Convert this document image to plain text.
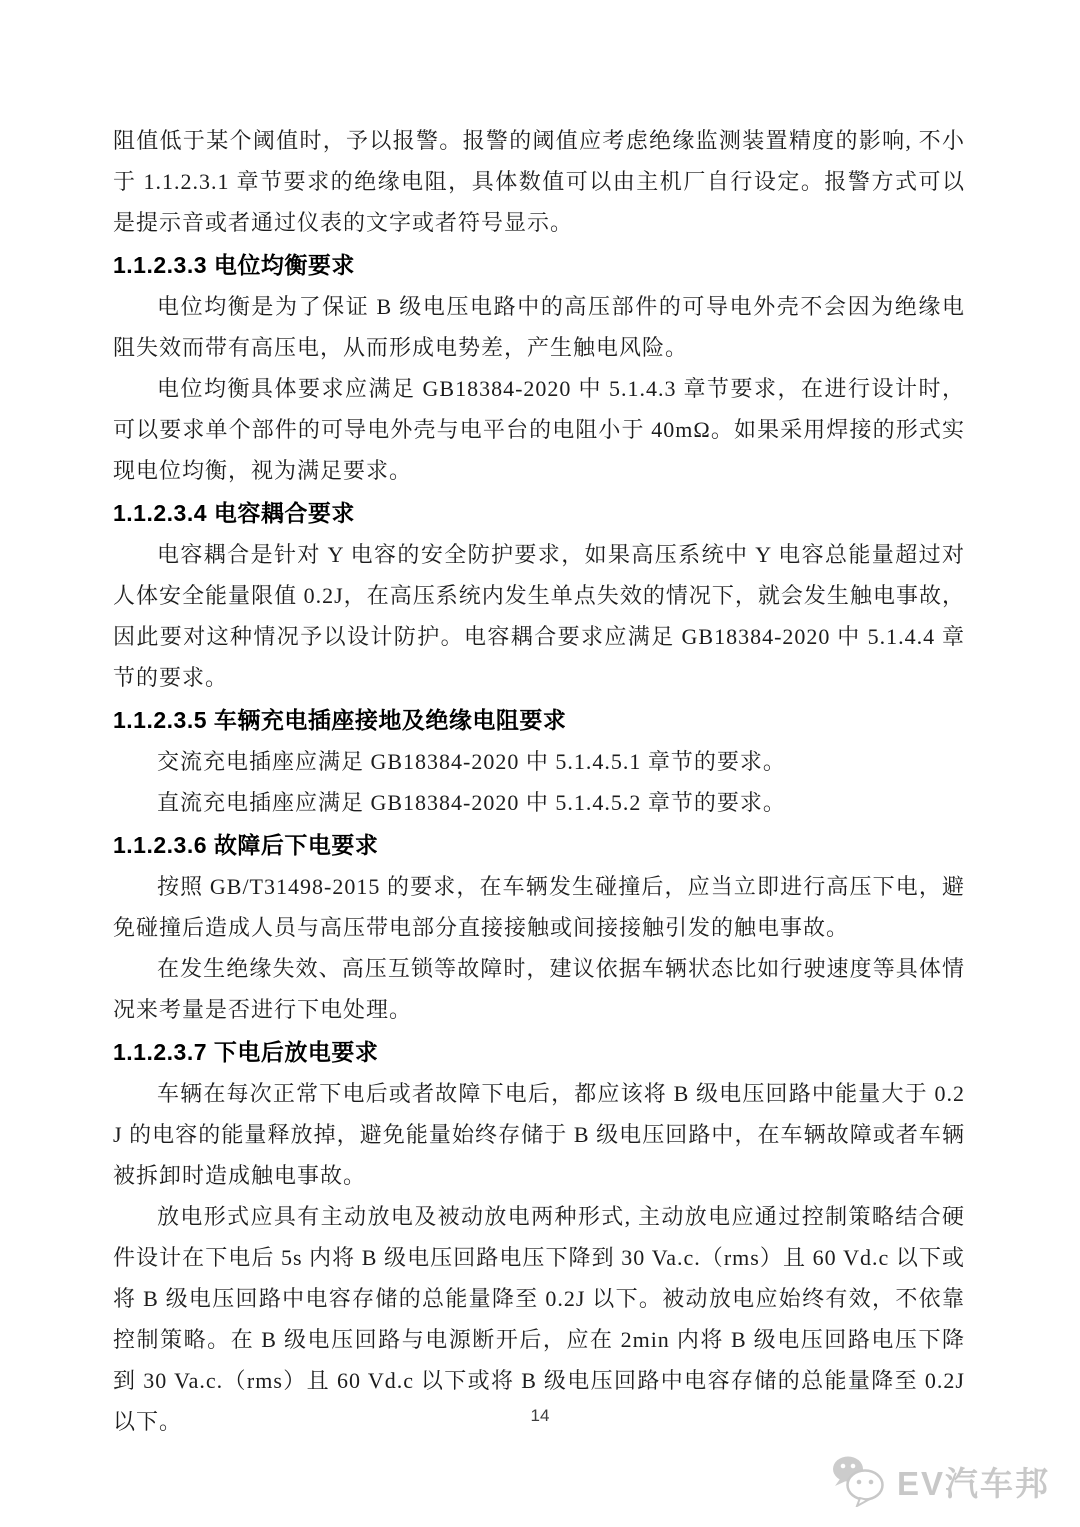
阻值低于某个阈值时，予以报警。报警的阈值应考虑绝缘监测装置精度的影响, 不小于 1.1.2.3.1 章节要求的绝缘电阻，具体数值可以由主机厂自行设定。报警方式可以是提示音或者通过仪表的文字或者符号显示。

1.1.2.3.3 电位均衡要求

电位均衡是为了保证 B 级电压电路中的高压部件的可导电外壳不会因为绝缘电阻失效而带有高压电，从而形成电势差，产生触电风险。

电位均衡具体要求应满足 GB18384-2020 中 5.1.4.3 章节要求，在进行设计时，可以要求单个部件的可导电外壳与电平台的电阻小于 40mΩ。如果采用焊接的形式实现电位均衡，视为满足要求。

1.1.2.3.4 电容耦合要求

电容耦合是针对 Y 电容的安全防护要求，如果高压系统中 Y 电容总能量超过对人体安全能量限值 0.2J，在高压系统内发生单点失效的情况下，就会发生触电事故，因此要对这种情况予以设计防护。电容耦合要求应满足 GB18384-2020 中 5.1.4.4 章节的要求。

1.1.2.3.5 车辆充电插座接地及绝缘电阻要求

交流充电插座应满足 GB18384-2020 中 5.1.4.5.1 章节的要求。

直流充电插座应满足 GB18384-2020 中 5.1.4.5.2 章节的要求。

1.1.2.3.6 故障后下电要求

按照 GB/T31498-2015 的要求，在车辆发生碰撞后，应当立即进行高压下电，避免碰撞后造成人员与高压带电部分直接接触或间接接触引发的触电事故。

在发生绝缘失效、高压互锁等故障时，建议依据车辆状态比如行驶速度等具体情况来考量是否进行下电处理。

1.1.2.3.7 下电后放电要求

车辆在每次正常下电后或者故障下电后，都应该将 B 级电压回路中能量大于 0.2J 的电容的能量释放掉，避免能量始终存储于 B 级电压回路中，在车辆故障或者车辆被拆卸时造成触电事故。

放电形式应具有主动放电及被动放电两种形式, 主动放电应通过控制策略结合硬件设计在下电后 5s 内将 B 级电压回路电压下降到 30 Va.c.（rms）且 60 Vd.c 以下或将 B 级电压回路中电容存储的总能量降至 0.2J 以下。被动放电应始终有效，不依靠控制策略。在 B 级电压回路与电源断开后，应在 2min 内将 B 级电压回路电压下降到 30 Va.c.（rms）且 60 Vd.c 以下或将 B 级电压回路中电容存储的总能量降至 0.2J 以下。	14
EV汽车邦
